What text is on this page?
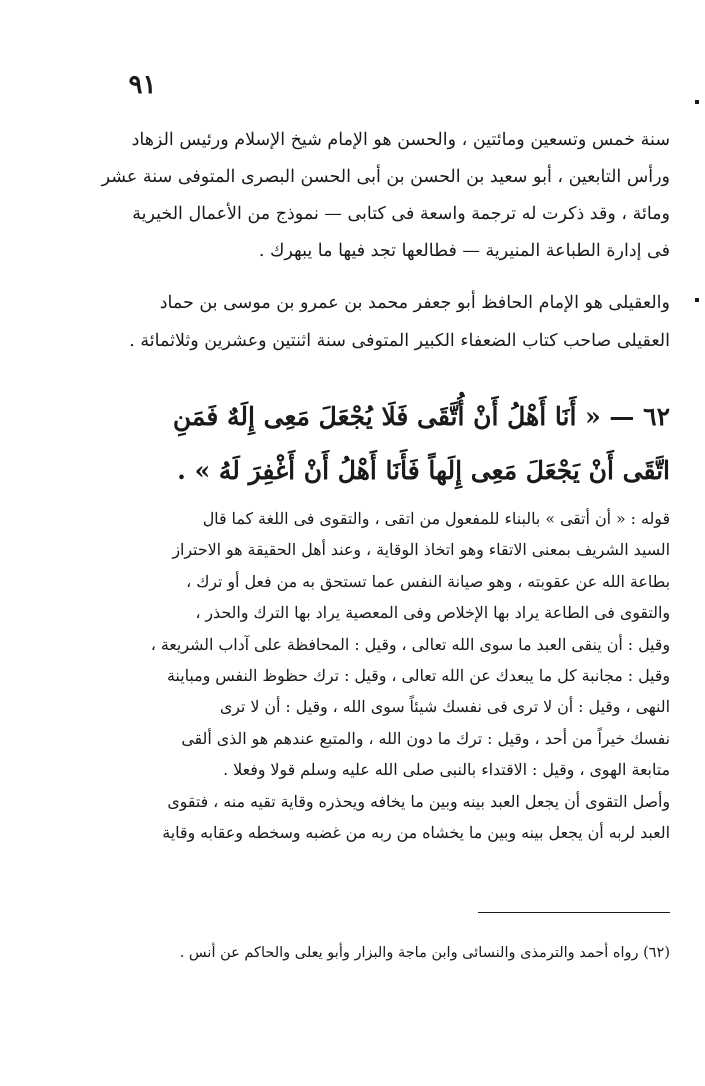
٩١
سنة خمس وتسعين ومائتين ، والحسن هو الإمام شيخ الإسلام ورئيس الزهاد
ورأس التابعين ، أبو سعيد بن الحسن بن أبى الحسن البصرى المتوفى سنة عشر
ومائة ، وقد ذكرت له ترجمة واسعة فى كتابى — نموذج من الأعمال الخيرية
فى إدارة الطباعة المنيرية — فطالعها تجد فيها ما يبهرك .
والعقيلى هو الإمام الحافظ أبو جعفر محمد بن عمرو بن موسى بن حماد
العقيلى صاحب كتاب الضعفاء الكبير المتوفى سنة اثنتين وعشرين وثلاثمائة .
٦٢ — « أَنَا أَهْلُ أَنْ أُتَّقَى فَلَا يُجْعَلَ مَعِى إِلَهٌ فَمَنِ
اتَّقَى أَنْ يَجْعَلَ مَعِى إِلَهاً فَأَنَا أَهْلُ أَنْ أَغْفِرَ لَهُ » .
قوله : « أن أتقى » بالبناء للمفعول من اتقى ، والتقوى فى اللغة كما قال
السيد الشريف بمعنى الاتقاء وهو اتخاذ الوقاية ، وعند أهل الحقيقة هو الاحتراز
بطاعة الله عن عقوبته ، وهو صيانة النفس عما تستحق به من فعل أو ترك ،
والتقوى فى الطاعة يراد بها الإخلاص وفى المعصية يراد بها الترك والحذر ،
وقيل : أن ينقى العبد ما سوى الله تعالى ، وقيل : المحافظة على آداب الشريعة ،
وقيل : مجانبة كل ما يبعدك عن الله تعالى ، وقيل : ترك حظوظ النفس ومباينة
النهى ، وقيل : أن لا ترى فى نفسك شيئاً سوى الله ، وقيل : أن لا ترى
نفسك خيراً من أحد ، وقيل : ترك ما دون الله ، والمتبع عندهم هو الذى ألقى
متابعة الهوى ، وقيل : الاقتداء بالنبى صلى الله عليه وسلم قولا وفعلا .
وأصل التقوى أن يجعل العبد بينه وبين ما يخافه ويحذره وقاية تقيه منه ، فتقوى
العبد لربه أن يجعل بينه وبين ما يخشاه من ربه من غضبه وسخطه وعقابه وقاية
(٦٢) رواه أحمد والترمذى والنسائى وابن ماجة والبزار وأبو يعلى والحاكم عن أنس .
